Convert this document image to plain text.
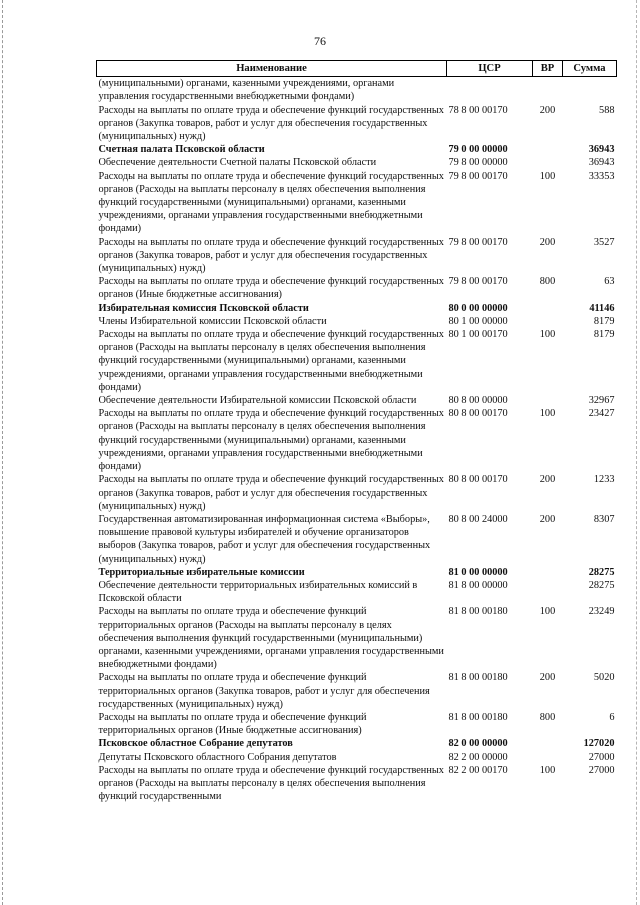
76
Наименование	ЦСР	ВР	Сумма
(муниципальными) органами, казенными учреждениями, органами управления государственными внебюджетными фондами)			
Расходы на выплаты по оплате труда и обеспечение функций государственных органов (Закупка товаров, работ и услуг для обеспечения государственных (муниципальных) нужд)	78 8 00 00170	200	588
Счетная палата Псковской области	79 0 00 00000		36943
Обеспечение деятельности Счетной палаты Псковской области	79 8 00 00000		36943
Расходы на выплаты по оплате труда и обеспечение функций государственных органов (Расходы на выплаты персоналу в целях обеспечения выполнения функций государственными (муниципальными) органами, казенными учреждениями, органами управления государственными внебюджетными фондами)	79 8 00 00170	100	33353
Расходы на выплаты по оплате труда и обеспечение функций государственных органов (Закупка товаров, работ и услуг для обеспечения государственных (муниципальных) нужд)	79 8 00 00170	200	3527
Расходы на выплаты по оплате труда и обеспечение функций государственных органов (Иные бюджетные ассигнования)	79 8 00 00170	800	63
Избирательная комиссия Псковской области	80 0 00 00000		41146
Члены Избирательной комиссии Псковской области	80 1 00 00000		8179
Расходы на выплаты по оплате труда и обеспечение функций государственных органов (Расходы на выплаты персоналу в целях обеспечения выполнения функций государственными (муниципальными) органами, казенными учреждениями, органами управления государственными внебюджетными фондами)	80 1 00 00170	100	8179
Обеспечение деятельности Избирательной комиссии Псковской области	80 8 00 00000		32967
Расходы на выплаты по оплате труда и обеспечение функций государственных органов (Расходы на выплаты персоналу в целях обеспечения выполнения функций государственными (муниципальными) органами, казенными учреждениями, органами управления государственными внебюджетными фондами)	80 8 00 00170	100	23427
Расходы на выплаты по оплате труда и обеспечение функций государственных органов (Закупка товаров, работ и услуг для обеспечения государственных (муниципальных) нужд)	80 8 00 00170	200	1233
Государственная автоматизированная информационная система «Выборы», повышение правовой культуры избирателей и обучение организаторов выборов (Закупка товаров, работ и услуг для обеспечения государственных (муниципальных) нужд)	80 8 00 24000	200	8307
Территориальные избирательные комиссии	81 0 00 00000		28275
Обеспечение деятельности территориальных избирательных комиссий в Псковской области	81 8 00 00000		28275
Расходы на выплаты по оплате труда и обеспечение функций территориальных органов (Расходы на выплаты персоналу в целях обеспечения выполнения функций государственными (муниципальными) органами, казенными учреждениями, органами управления государственными внебюджетными фондами)	81 8 00 00180	100	23249
Расходы на выплаты по оплате труда и обеспечение функций территориальных органов (Закупка товаров, работ и услуг для обеспечения государственных (муниципальных) нужд)	81 8 00 00180	200	5020
Расходы на выплаты по оплате труда и обеспечение функций территориальных органов (Иные бюджетные ассигнования)	81 8 00 00180	800	6
Псковское областное Собрание депутатов	82 0 00 00000		127020
Депутаты Псковского областного Собрания депутатов	82 2 00 00000		27000
Расходы на выплаты по оплате труда и обеспечение функций государственных органов (Расходы на выплаты персоналу в целях обеспечения выполнения функций государственными	82 2 00 00170	100	27000
